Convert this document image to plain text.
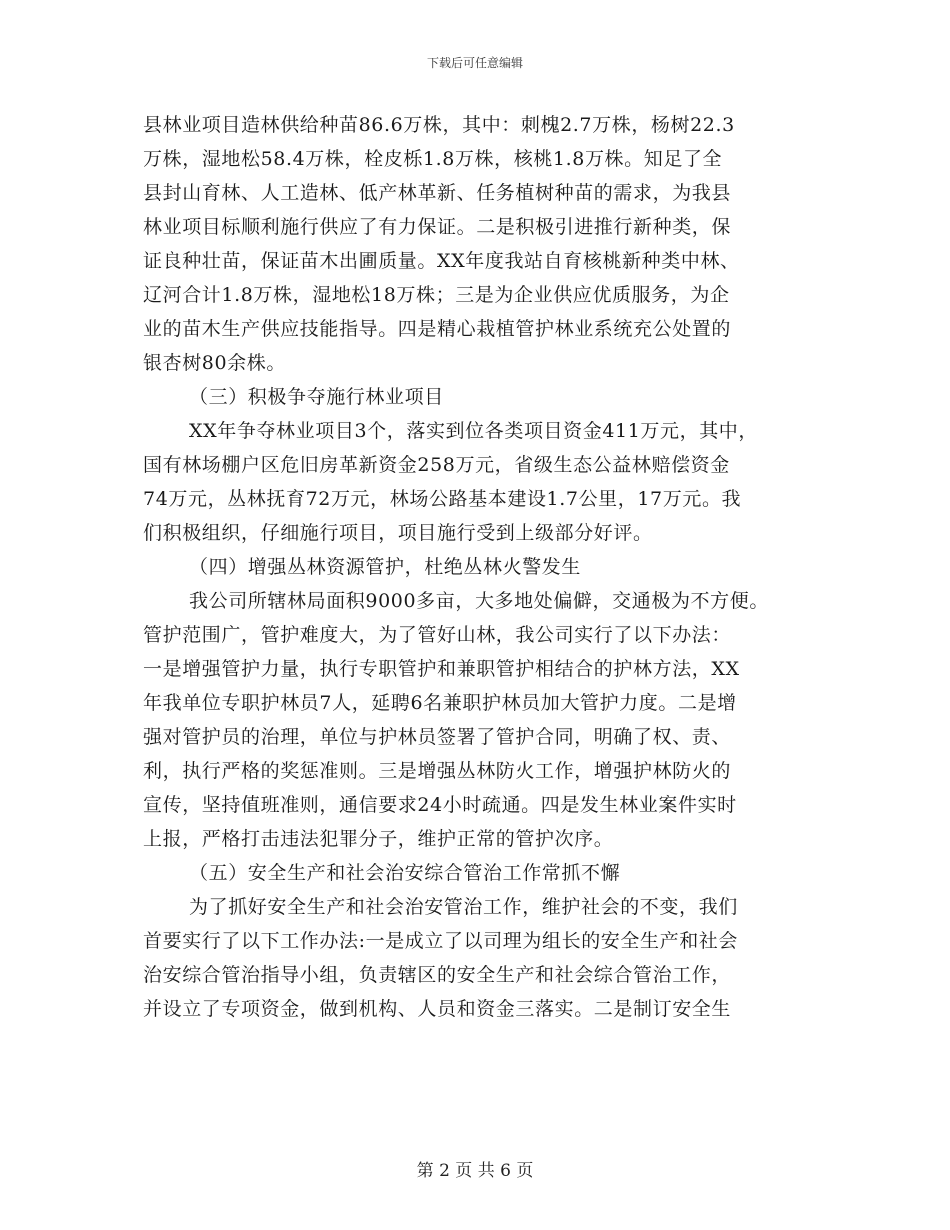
下载后可任意编辑
县林业项目造林供给种苗86.6万株，其中：刺槐2.7万株，杨树22.3
万株，湿地松58.4万株，栓皮栎1.8万株，核桃1.8万株。知足了全
县封山育林、人工造林、低产林革新、任务植树种苗的需求，为我县
林业项目标顺利施行供应了有力保证。二是积极引进推行新种类，保
证良种壮苗，保证苗木出圃质量。XX年度我站自育核桃新种类中林、
辽河合计1.8万株，湿地松18万株；三是为企业供应优质服务，为企
业的苗木生产供应技能指导。四是精心栽植管护林业系统充公处置的
银杏树80余株。
（三）积极争夺施行林业项目
XX年争夺林业项目3个，落实到位各类项目资金411万元，其中，
国有林场棚户区危旧房革新资金258万元，省级生态公益林赔偿资金
74万元，丛林抚育72万元，林场公路基本建设1.7公里，17万元。我
们积极组织，仔细施行项目，项目施行受到上级部分好评。
（四）增强丛林资源管护，杜绝丛林火警发生
我公司所辖林局面积9000多亩，大多地处偏僻，交通极为不方便。
管护范围广，管护难度大，为了管好山林，我公司实行了以下办法：
一是增强管护力量，执行专职管护和兼职管护相结合的护林方法，XX
年我单位专职护林员7人，延聘6名兼职护林员加大管护力度。二是增
强对管护员的治理，单位与护林员签署了管护合同，明确了权、责、
利，执行严格的奖惩准则。三是增强丛林防火工作，增强护林防火的
宣传，坚持值班准则，通信要求24小时疏通。四是发生林业案件实时
上报，严格打击违法犯罪分子，维护正常的管护次序。
（五）安全生产和社会治安综合管治工作常抓不懈
为了抓好安全生产和社会治安管治工作，维护社会的不变，我们
首要实行了以下工作办法:一是成立了以司理为组长的安全生产和社会
治安综合管治指导小组，负责辖区的安全生产和社会综合管治工作，
并设立了专项资金，做到机构、人员和资金三落实。二是制订安全生
第 2 页 共 6 页
